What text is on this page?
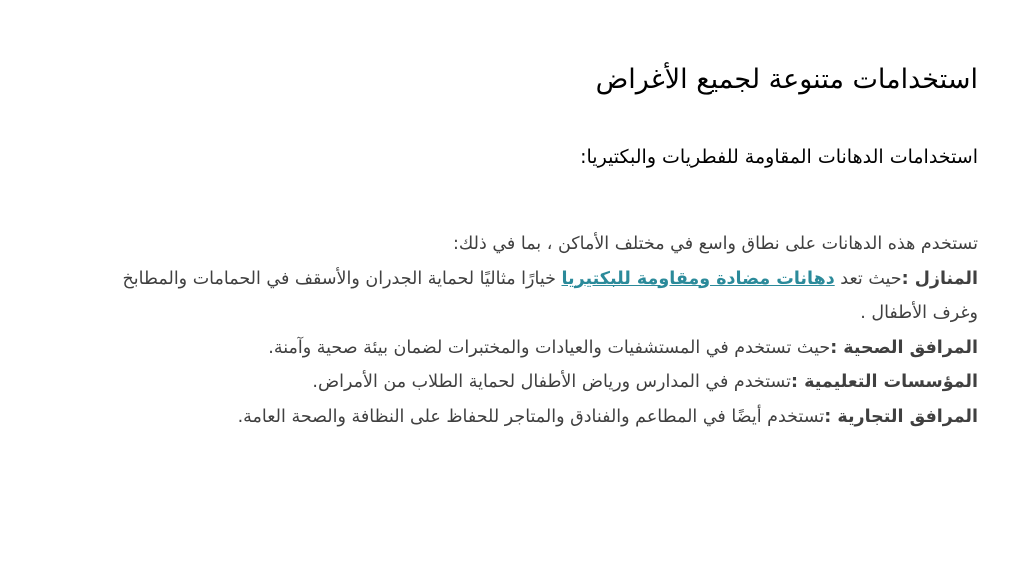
استخدامات متنوعة لجميع الأغراض
استخدامات الدهانات المقاومة للفطريات والبكتيريا:

تستخدم هذه الدهانات على نطاق واسع في مختلف الأماكن ، بما في ذلك:

المنازل :حيث تعد دهانات مضادة ومقاومة للبكتيريا خيارًا مثاليًا لحماية الجدران والأسقف في الحمامات والمطابخ وغرف الأطفال .

المرافق الصحية :حيث تستخدم في المستشفيات والعيادات والمختبرات لضمان بيئة صحية وآمنة.

المؤسسات التعليمية :تستخدم في المدارس ورياض الأطفال لحماية الطلاب من الأمراض.

المرافق التجارية :تستخدم أيضًا في المطاعم والفنادق والمتاجر للحفاظ على النظافة والصحة العامة.
